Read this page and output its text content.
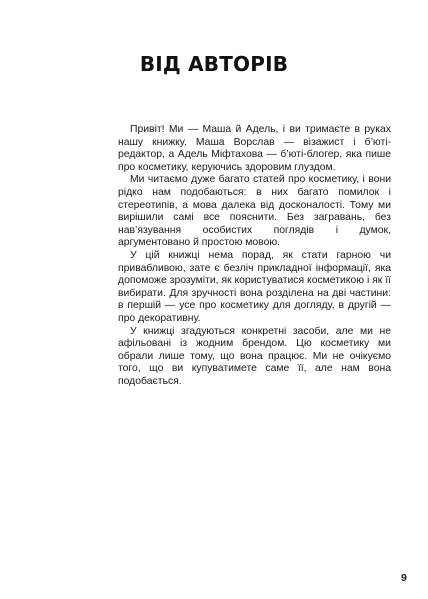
ВІД АВТОРІВ

Привіт! Ми — Маша й Адель, і ви тримаєте в руках нашу книжку. Маша Ворслав — візажист і б’юті-редактор, а Адель Міфтахова — б’юті-блогер, яка пише про косметику, керуючись здоровим глуздом.

Ми читаємо дуже багато статей про косметику, і вони рідко нам подобаються: в них багато помилок і стереотипів, а мова далека від досконалості. Тому ми вирішили самі все пояснити. Без загравань, без нав’язування особистих поглядів і думок, аргументовано й простою мовою.

У цій книжці нема порад, як стати гарною чи привабливою, зате є безліч прикладної інформації, яка допоможе зрозуміти, як користуватися косметикою і як її вибирати. Для зручності вона розділена на дві частини: в першій — усе про косметику для догляду, в другій — про декоративну.

У книжці згадуються конкретні засоби, але ми не афільовані із жодним брендом. Цю косметику ми обрали лише тому, що вона працює. Ми не очікуємо того, що ви купуватимете саме її, але нам вона подобається.

9
